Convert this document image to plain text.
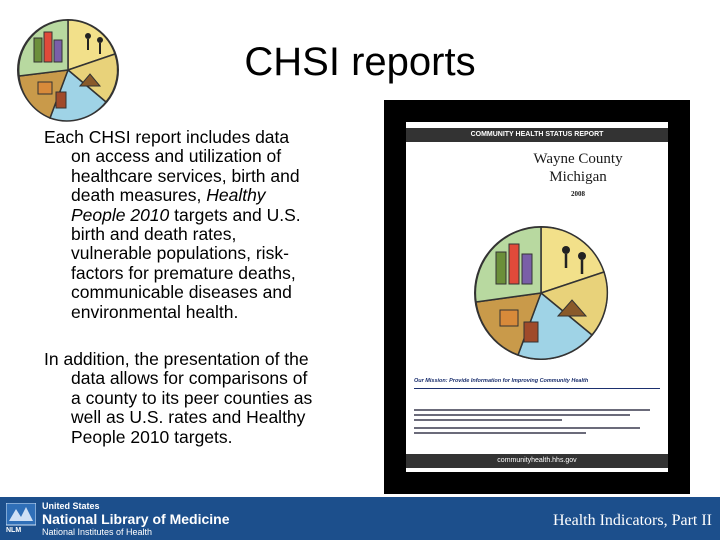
CHSI reports
Each CHSI report includes data
on access and utilization of
healthcare services, birth and
death measures, Healthy
People 2010 targets and U.S.
birth and death rates,
vulnerable populations, risk-
factors for premature deaths,
communicable diseases and
environmental health.
In addition, the presentation of the
data allows for comparisons of
a county to its peer counties as
well as U.S. rates and Healthy
People 2010 targets.
COMMUNITY HEALTH STATUS REPORT
Wayne County
Michigan
2008
Our Mission: Provide Information for Improving Community Health
communityhealth.hhs.gov
NLM
United States
National Library of Medicine
National Institutes of Health
Health Indicators, Part II
